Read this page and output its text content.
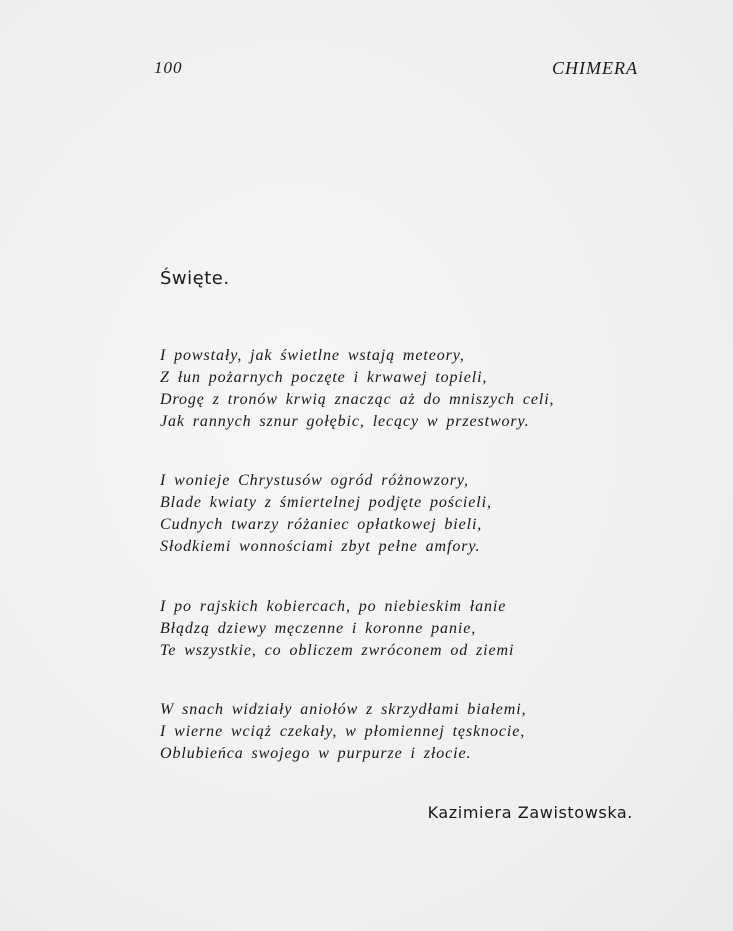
100	CHIMERA
Święte.
I powstały, jak świetlne wstają meteory,
Z łun pożarnych poczęte i krwawej topieli,
Drogę z tronów krwią znacząc aż do mniszych celi,
Jak rannych sznur gołębic, lecący w przestwory.
I wonieje Chrystusów ogród różnowzory,
Blade kwiaty z śmiertelnej podjęte pościeli,
Cudnych twarzy różaniec opłatkowej bieli,
Słodkiemi wonnościami zbyt pełne amfory.
I po rajskich kobiercach, po niebieskim łanie
Błądzą dziewy męczenne i koronne panie,
Te wszystkie, co obliczem zwróconem od ziemi
W snach widziały aniołów z skrzydłami białemi,
I wierne wciąż czekały, w płomiennej tęsknocie,
Oblubieńca swojego w purpurze i złocie.
Kazimiera Zawistowska.
